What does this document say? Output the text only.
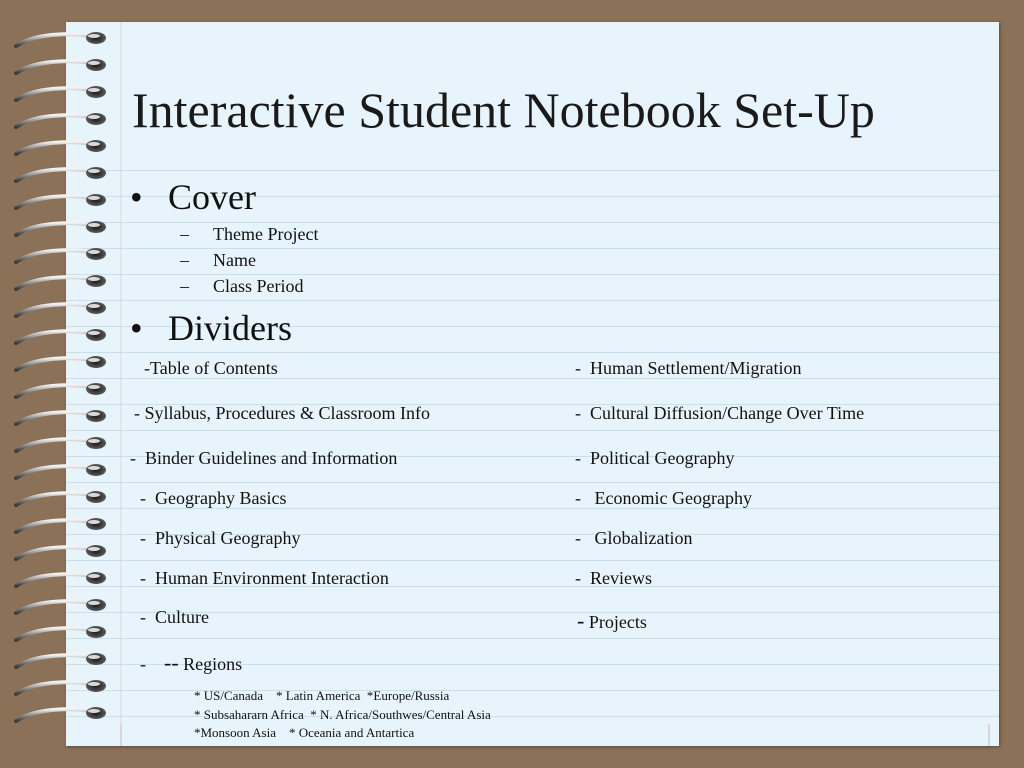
Interactive Student Notebook Set-Up
• Cover
– Theme Project
– Name
– Class Period
• Dividers
-Table of Contents
- Syllabus, Procedures & Classroom Info
-  Binder Guidelines and Information
-  Geography Basics
-  Physical Geography
-  Human Environment Interaction
-  Culture
-  Human Settlement/Migration
-  Cultural Diffusion/Change Over Time
-  Political Geography
-   Economic Geography
-   Globalization
-  Reviews
- Projects
- -- Regions
* US/Canada    * Latin America  *Europe/Russia
* Subsahararn Africa  * N. Africa/Southwes/Central Asia
*Monsoon Asia    * Oceania and Antartica
